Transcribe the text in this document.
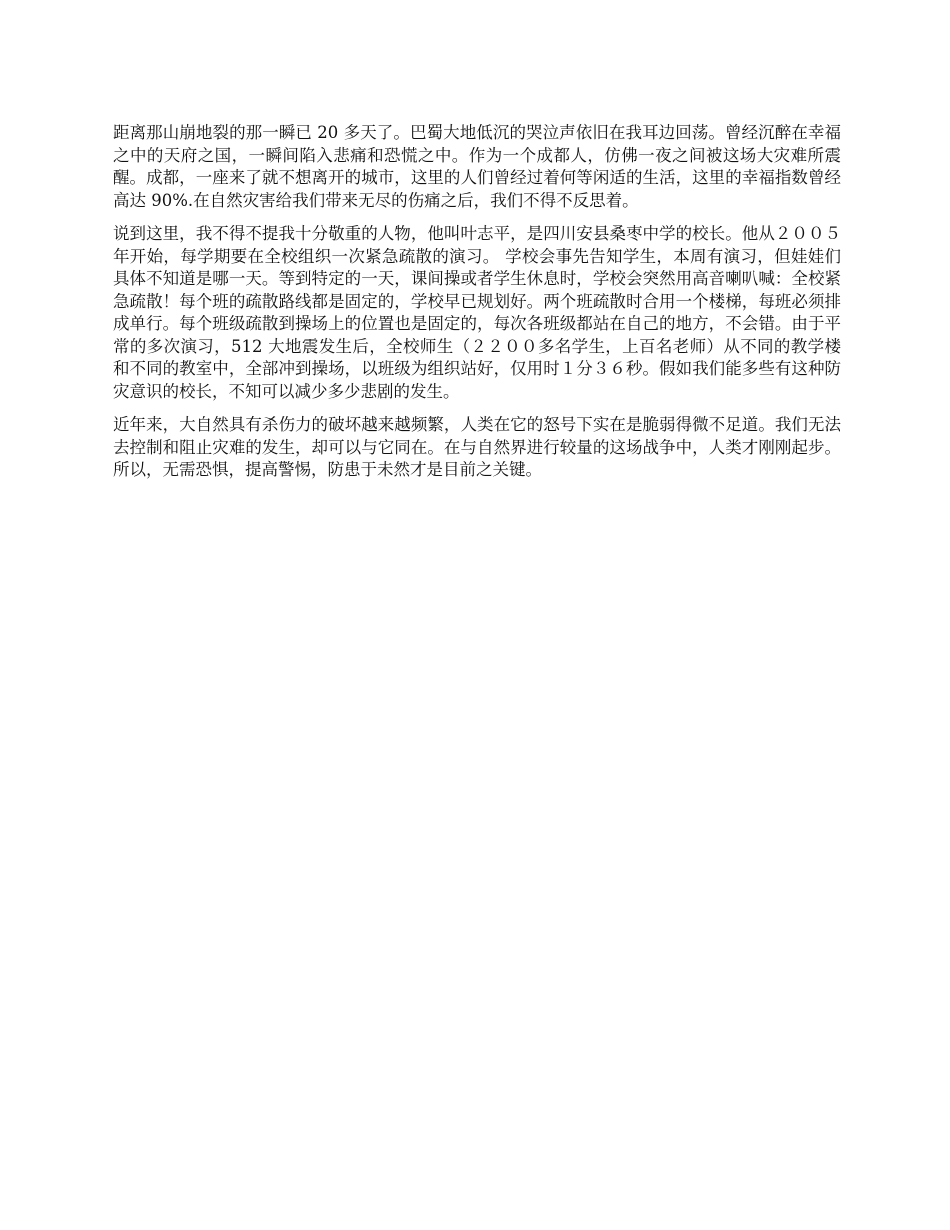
距离那山崩地裂的那一瞬已 20 多天了。巴蜀大地低沉的哭泣声依旧在我耳边回荡。曾经沉醉在幸福之中的天府之国，一瞬间陷入悲痛和恐慌之中。作为一个成都人，仿佛一夜之间被这场大灾难所震醒。成都，一座来了就不想离开的城市，这里的人们曾经过着何等闲适的生活，这里的幸福指数曾经高达 90%.在自然灾害给我们带来无尽的伤痛之后，我们不得不反思着。

说到这里，我不得不提我十分敬重的人物，他叫叶志平，是四川安县桑枣中学的校长。他从２００５年开始，每学期要在全校组织一次紧急疏散的演习。 学校会事先告知学生，本周有演习，但娃娃们具体不知道是哪一天。等到特定的一天，课间操或者学生休息时，学校会突然用高音喇叭喊：全校紧急疏散！每个班的疏散路线都是固定的，学校早已规划好。两个班疏散时合用一个楼梯，每班必须排成单行。每个班级疏散到操场上的位置也是固定的，每次各班级都站在自己的地方，不会错。由于平常的多次演习，512 大地震发生后，全校师生（２２００多名学生，上百名老师）从不同的教学楼和不同的教室中，全部冲到操场，以班级为组织站好，仅用时１分３６秒。假如我们能多些有这种防灾意识的校长，不知可以减少多少悲剧的发生。

近年来，大自然具有杀伤力的破坏越来越频繁，人类在它的怒号下实在是脆弱得微不足道。我们无法去控制和阻止灾难的发生，却可以与它同在。在与自然界进行较量的这场战争中，人类才刚刚起步。所以，无需恐惧，提高警惕，防患于未然才是目前之关键。
